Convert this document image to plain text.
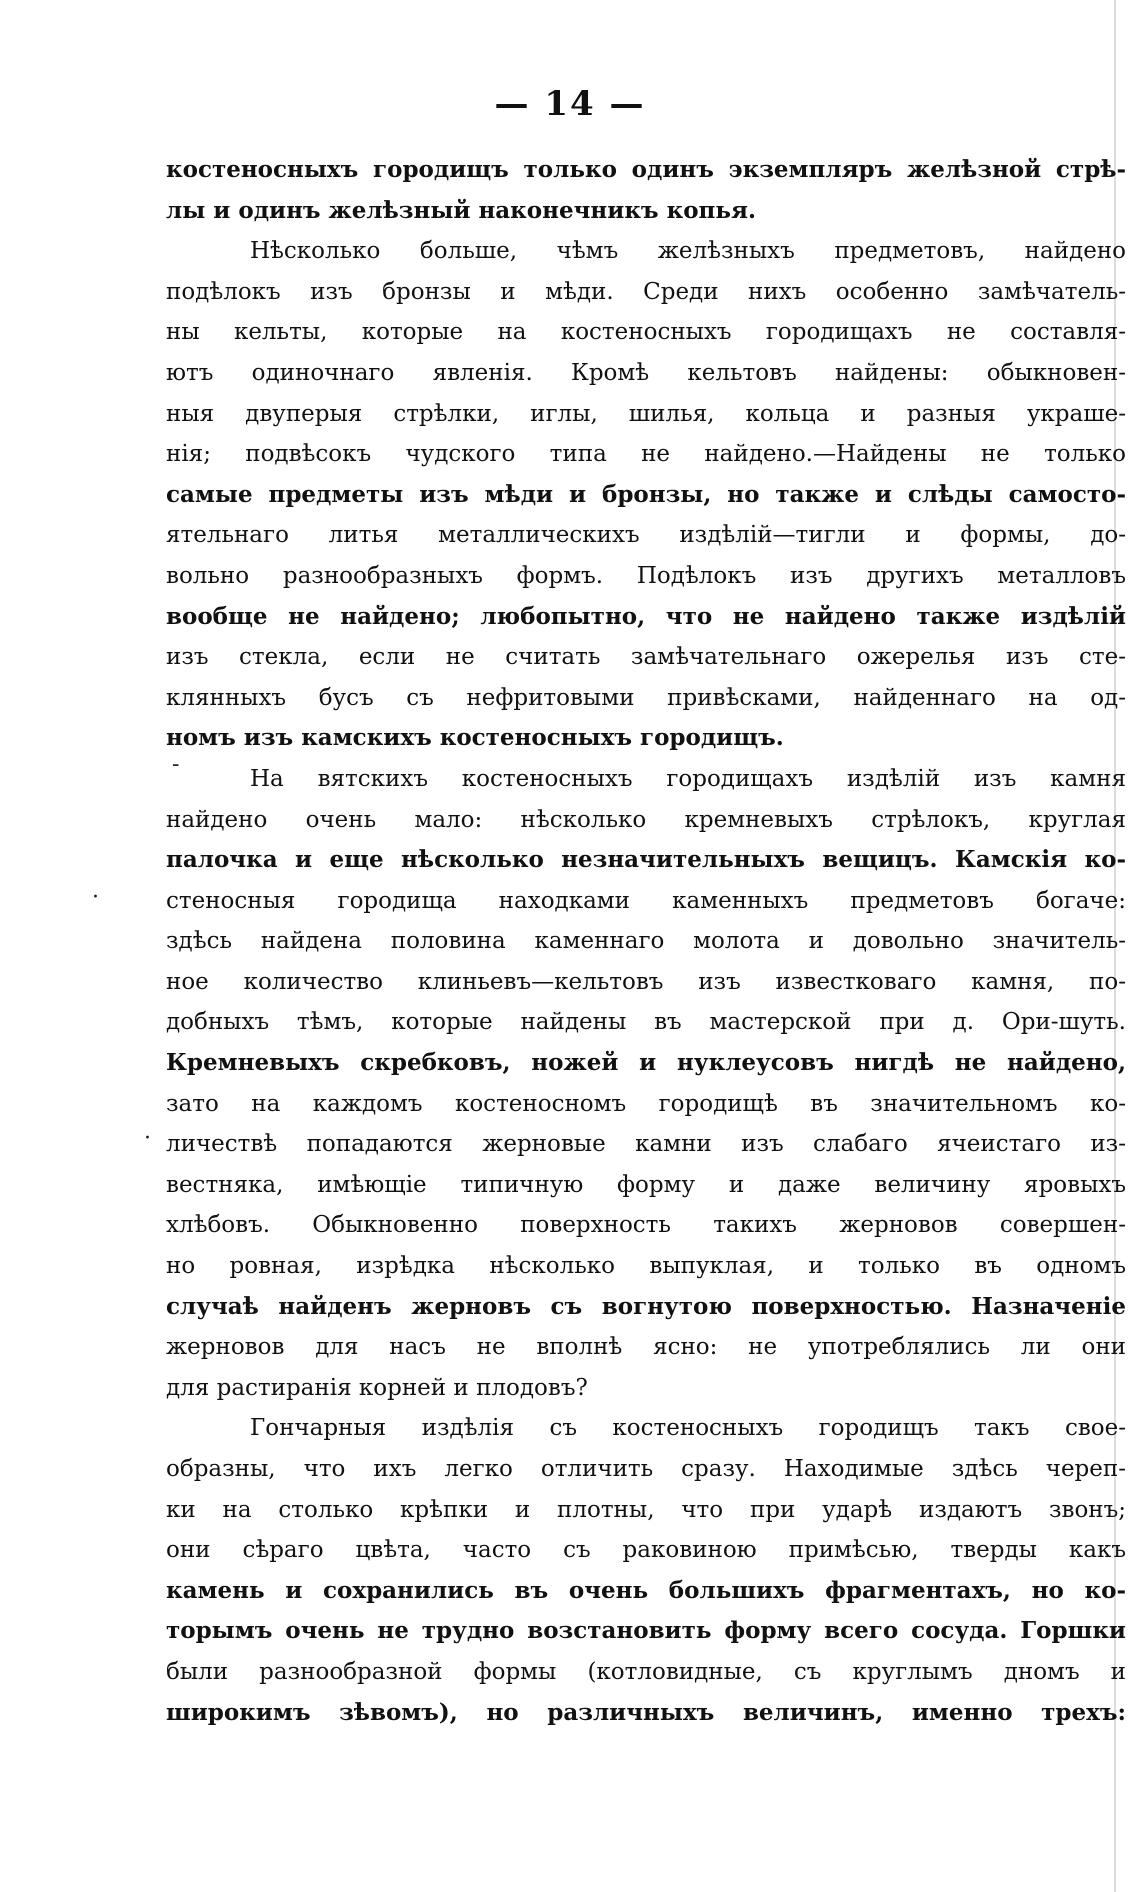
— 14 —
-
·
·
костеносныхъ городищъ только одинъ экземпляръ желѣзной стрѣ-
лы и одинъ желѣзный наконечникъ копья.
Нѣсколько больше, чѣмъ желѣзныхъ предметовъ, найдено
подѣлокъ изъ бронзы и мѣди. Среди нихъ особенно замѣчатель-
ны кельты, которые на костеносныхъ городищахъ не составля-
ютъ одиночнаго явленія. Кромѣ кельтовъ найдены: обыкновен-
ныя двуперыя стрѣлки, иглы, шилья, кольца и разныя украше-
нія; подвѣсокъ чудского типа не найдено.—Найдены не только
самые предметы изъ мѣди и бронзы, но также и слѣды самосто-
ятельнаго литья металлическихъ издѣлій—тигли и формы, до-
вольно разнообразныхъ формъ. Подѣлокъ изъ другихъ металловъ
вообще не найдено; любопытно, что не найдено также издѣлій
изъ стекла, если не считать замѣчательнаго ожерелья изъ сте-
клянныхъ бусъ съ нефритовыми привѣсками, найденнаго на од-
номъ изъ камскихъ костеносныхъ городищъ.
На вятскихъ костеносныхъ городищахъ издѣлій изъ камня
найдено очень мало: нѣсколько кремневыхъ стрѣлокъ, круглая
палочка и еще нѣсколько незначительныхъ вещицъ. Камскія ко-
стеносныя городища находками каменныхъ предметовъ богаче:
здѣсь найдена половина каменнаго молота и довольно значитель-
ное количество клиньевъ—кельтовъ изъ известковаго камня, по-
добныхъ тѣмъ, которые найдены въ мастерской при д. Ори-шуть.
Кремневыхъ скребковъ, ножей и нуклеусовъ нигдѣ не найдено,
зато на каждомъ костеносномъ городищѣ въ значительномъ ко-
личествѣ попадаются жерновые камни изъ слабаго ячеистаго из-
вестняка, имѣющіе типичную форму и даже величину яровыхъ
хлѣбовъ. Обыкновенно поверхность такихъ жерновов совершен-
но ровная, изрѣдка нѣсколько выпуклая, и только въ одномъ
случаѣ найденъ жерновъ съ вогнутою поверхностью. Назначеніе
жерновов для насъ не вполнѣ ясно: не употреблялись ли они
для растиранія корней и плодовъ?
Гончарныя издѣлія съ костеносныхъ городищъ такъ свое-
образны, что ихъ легко отличить сразу. Находимые здѣсь череп-
ки на столько крѣпки и плотны, что при ударѣ издаютъ звонъ;
они сѣраго цвѣта, часто съ раковиною примѣсью, тверды какъ
камень и сохранились въ очень большихъ фрагментахъ, но ко-
торымъ очень не трудно возстановить форму всего сосуда. Горшки
были разнообразной формы (котловидные, съ круглымъ дномъ и
широкимъ зѣвомъ), но различныхъ величинъ, именно трехъ:
